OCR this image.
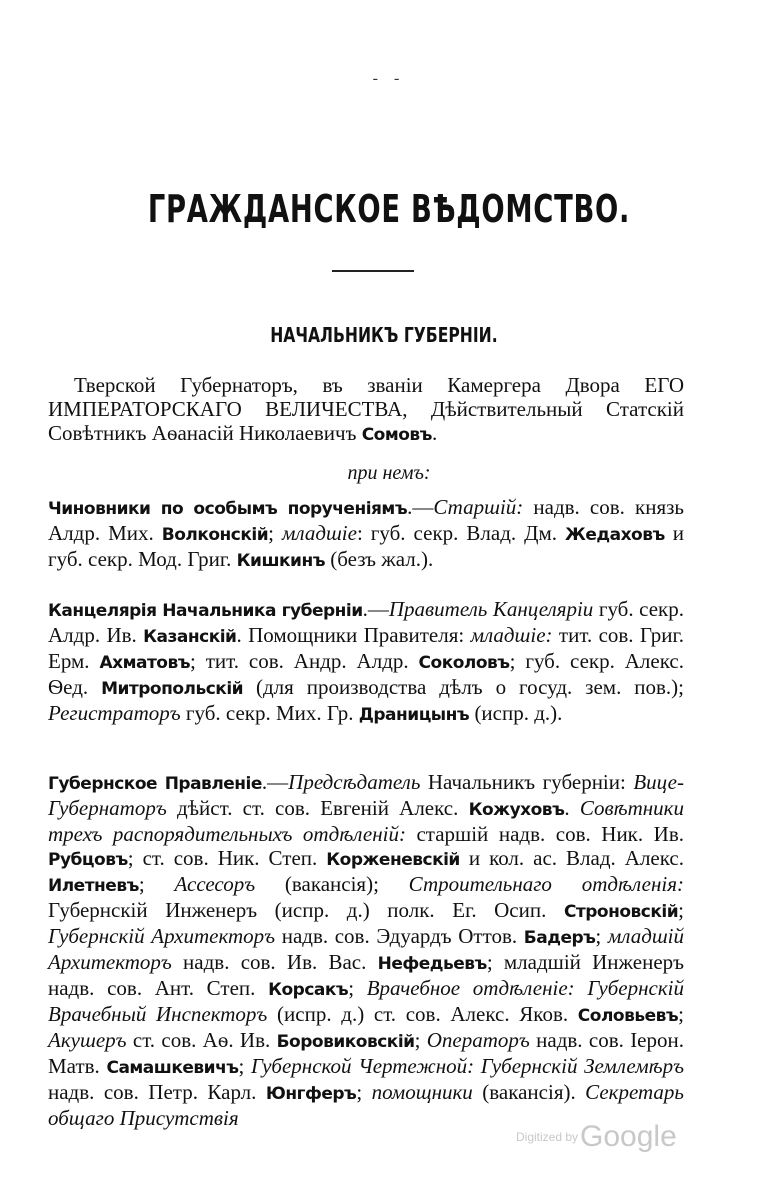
- -
ГРАЖДАНСКОЕ ВѢДОМСТВО.
НАЧАЛЬНИКЪ ГУБЕРНІИ.
Тверской Губернаторъ, въ званіи Камергера Двора ЕГО ИМПЕРАТОРСКАГО ВЕЛИЧЕСТВА, Дѣйствительный Статскій Совѣтникъ Аѳанасій Николаевичъ Сомовъ.
при немъ:
Чиновники по особымъ порученіямъ.—Старшій: надв. сов. князь Алдр. Мих. Волконскій; младшіе: губ. секр. Влад. Дм. Жедаховъ и губ. секр. Мод. Григ. Кишкинъ (безъ жал.).
Канцелярія Начальника губерніи.—Правитель Канцеляріи губ. секр. Алдр. Ив. Казанскій. Помощники Правителя: младшіе: тит. сов. Григ. Ерм. Ахматовъ; тит. сов. Андр. Алдр. Соколовъ; губ. секр. Алекс. Ѳед. Митропольскій (для производства дѣлъ о госуд. зем. пов.); Регистраторъ губ. секр. Мих. Гр. Драницынъ (испр. д.).
Губернское Правленіе.—Предсѣдатель Начальникъ губерніи: Вице-Губернаторъ дѣйст. ст. сов. Евгеній Алекс. Кожуховъ. Совѣтники трехъ распорядительныхъ отдѣленій: старшій надв. сов. Ник. Ив. Рубцовъ; ст. сов. Ник. Степ. Корженевскій и кол. ас. Влад. Алекс. Илетневъ; Ассесоръ (вакансія); Строительнаго отдѣленія: Губернскій Инженеръ (испр. д.) полк. Ег. Осип. Строновскій; Губернскій Архитекторъ надв. сов. Эдуардъ Оттов. Бадеръ; младшій Архитекторъ надв. сов. Ив. Вас. Нефедьевъ; младшій Инженеръ надв. сов. Ант. Степ. Корсакъ; Врачебное отдѣленіе: Губернскій Врачебный Инспекторъ (испр. д.) ст. сов. Алекс. Яков. Соловьевъ; Акушеръ ст. сов. Аѳ. Ив. Боровиковскій; Операторъ надв. сов. Іерон. Матв. Самашкевичъ; Губернской Чертежной: Губернскій Землемѣръ надв. сов. Петр. Карл. Юнгферъ; помощники (вакансія). Секретарь общаго Присутствія
Digitized byGoogle
